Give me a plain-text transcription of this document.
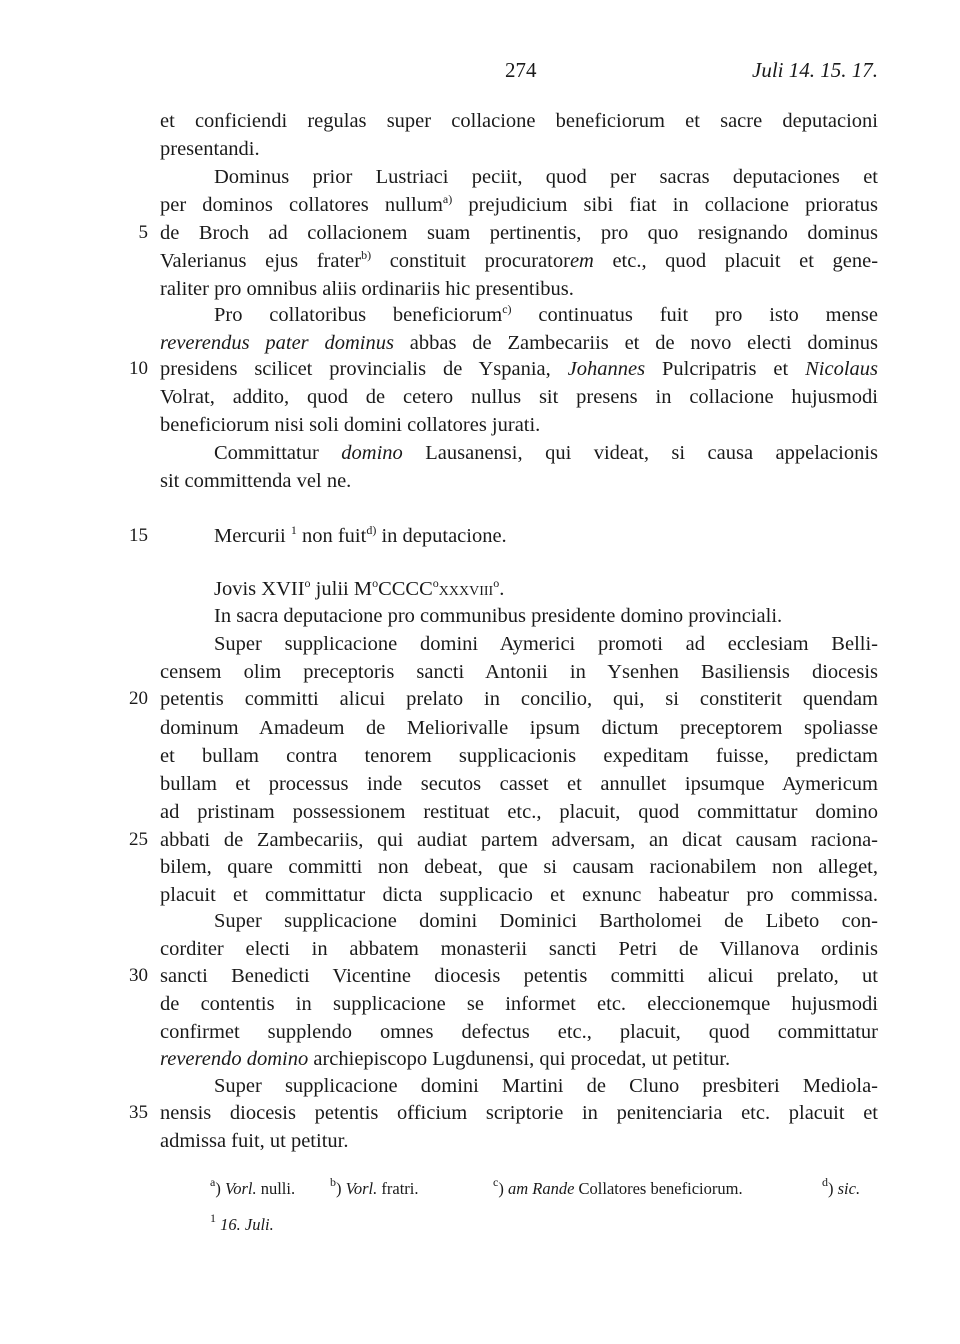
274	Juli 14. 15. 17.
5
10
15
20
25
30
35
et conficiendi regulas super collacione beneficiorum et sacre deputacioni
presentandi.
Dominus prior Lustriaci peciit, quod per sacras deputaciones et
per dominos collatores nullum$^{a)}$ prejudicium sibi fiat in collacione prioratus
de Broch ad collacionem suam pertinentis, pro quo resignando dominus
Valerianus ejus frater$^{b)}$ constituit procuratorem etc., quod placuit et gene-
raliter pro omnibus aliis ordinariis hic presentibus.
Pro collatoribus beneficiorum$^{c)}$ continuatus fuit pro isto mense
reverendus pater dominus abbas de Zambecariis et de novo electi dominus
presidens scilicet provincialis de Yspania, Johannes Pulcripatris et Nicolaus
Volrat, addito, quod de cetero nullus sit presens in collacione hujusmodi
beneficiorum nisi soli domini collatores jurati.
Committatur domino Lausanensi, qui videat, si causa appelacionis
sit committenda vel ne.
Mercurii $^1$ non fuit$^{d)}$ in deputacione.
Jovis XVII$^o$ julii $M^oCCCC^oxxxviii^o$.
In sacra deputacione pro communibus presidente domino provinciali.
Super supplicacione domini Aymerici promoti ad ecclesiam Belli-
censem olim preceptoris sancti Antonii in Ysenhen Basiliensis diocesis
petentis committi alicui prelato in concilio, qui, si constiterit quendam
dominum Amadeum de Meliorivalle ipsum dictum preceptorem spoliasse
et bullam contra tenorem supplicacionis expeditam fuisse, predictam
bullam et processus inde secutos casset et annullet ipsumque Aymericum
ad pristinam possessionem restituat etc., placuit, quod committatur domino
abbati de Zambecariis, qui audiat partem adversam, an dicat causam raciona-
bilem, quare committi non debeat, que si causam racionabilem non alleget,
placuit et committatur dicta supplicacio et exnunc habeatur pro commissa.
Super supplicacione domini Dominici Bartholomei de Libeto con-
corditer electi in abbatem monasterii sancti Petri de Villanova ordinis
sancti Benedicti Vicentine diocesis petentis committi alicui prelato, ut
de contentis in supplicacione se informet etc. eleccionemque hujusmodi
confirmet supplendo omnes defectus etc., placuit, quod committatur
reverendo domino archiepiscopo Lugdunensi, qui procedat, ut petitur.
Super supplicacione domini Martini de Cluno presbiteri Mediola-
nensis diocesis petentis officium scriptorie in penitenciaria etc. placuit et
admissa fuit, ut petitur.
$^a$) Vorl. nulli.	$^b$) Vorl. fratri.	$^c$) am Rande Collatores beneficiorum.	$^d$) sic.
$^1$ 16. Juli.
